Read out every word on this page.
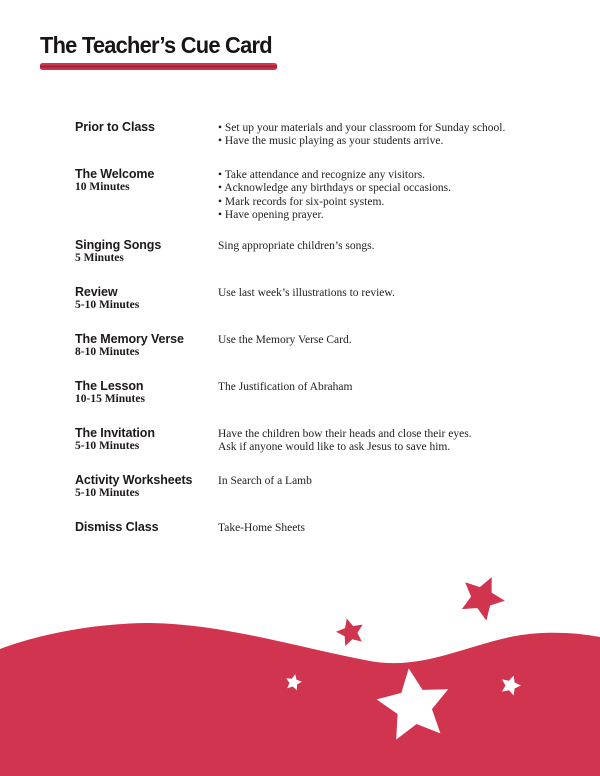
The Teacher’s Cue Card
Prior to Class	• Set up your materials and your classroom for Sunday school.
• Have the music playing as your students arrive.
The Welcome
10 Minutes
• Take attendance and recognize any visitors.
• Acknowledge any birthdays or special occasions.
• Mark records for six-point system.
• Have opening prayer.
Singing Songs
5 Minutes
Sing appropriate children’s songs.
Review
5-10 Minutes
Use last week’s illustrations to review.
The Memory Verse
8-10 Minutes
Use the Memory Verse Card.
The Lesson
10-15 Minutes
The Justification of Abraham
The Invitation
5-10 Minutes
Have the children bow their heads and close their eyes.
Ask if anyone would like to ask Jesus to save him.
Activity Worksheets
5-10 Minutes
In Search of a Lamb
Dismiss Class	Take-Home Sheets
